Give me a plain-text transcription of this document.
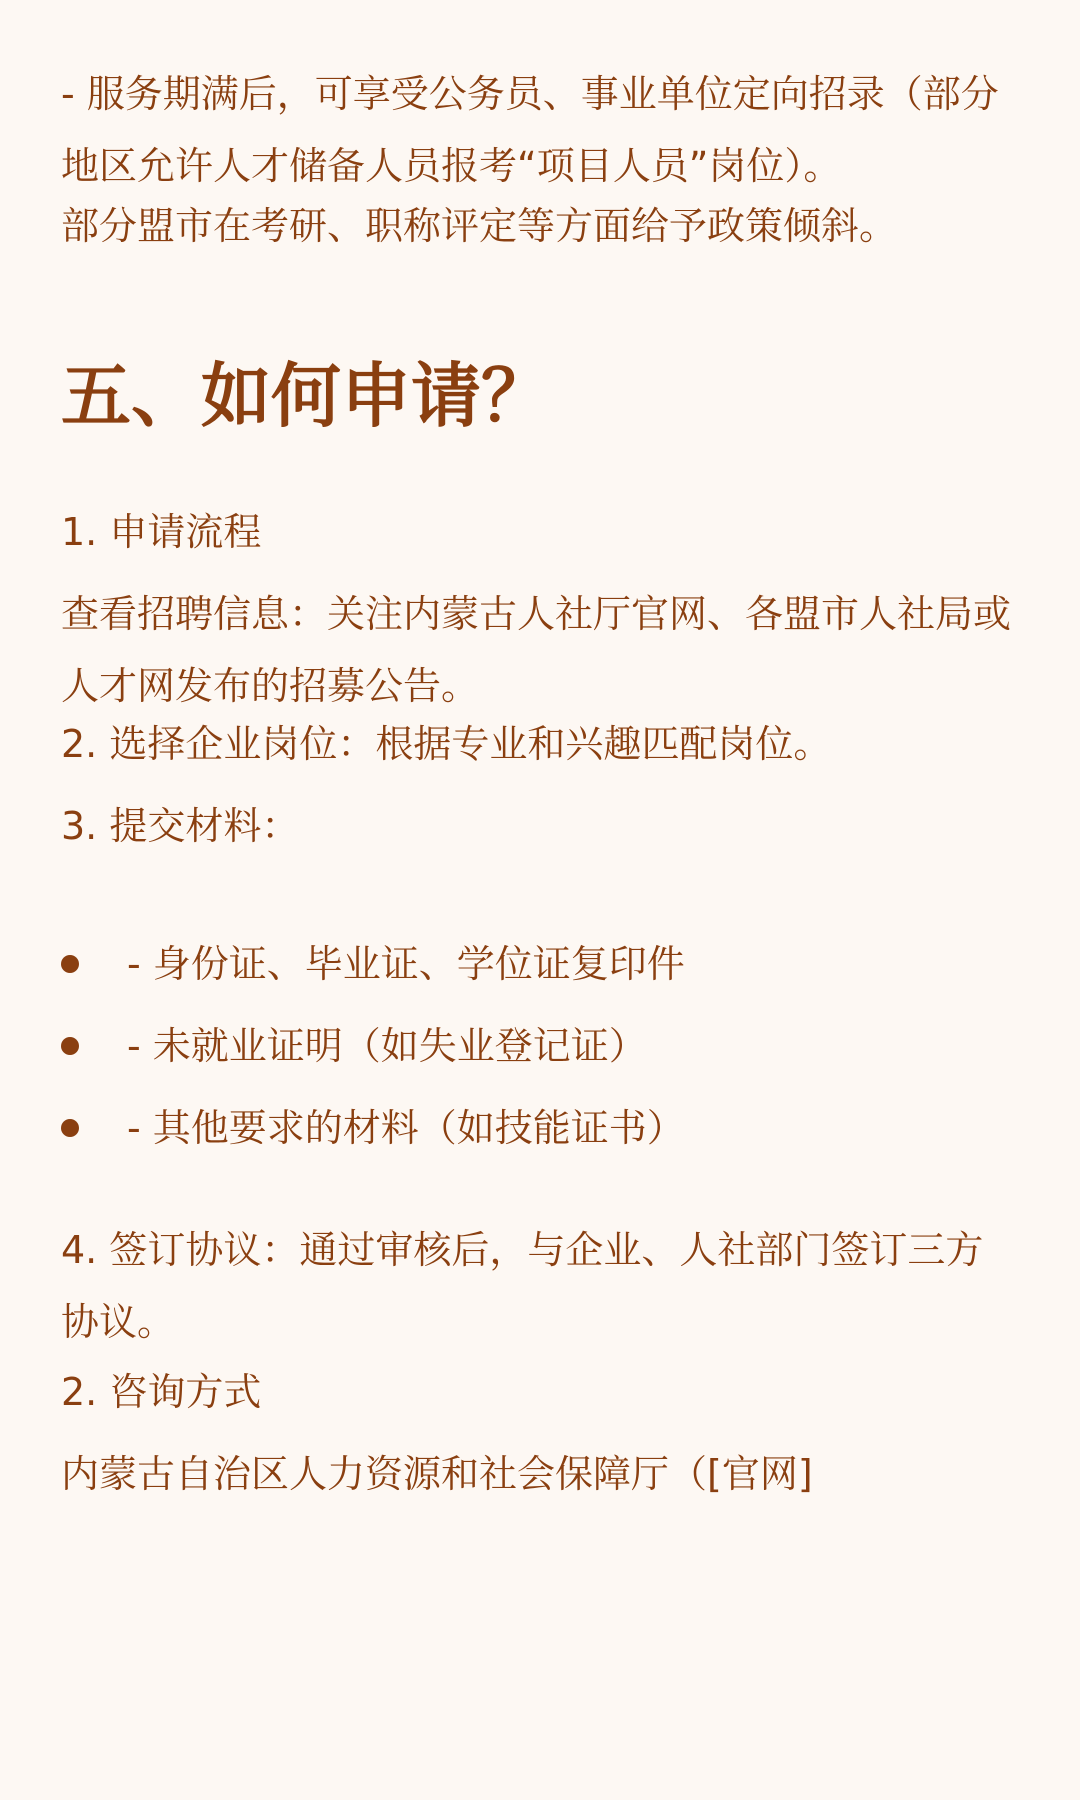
- 服务期满后，可享受公务员、事业单位定向招录（部分地区允许人才储备人员报考“项目人员”岗位）。

部分盟市在考研、职称评定等方面给予政策倾斜。

五、如何申请？

1. 申请流程

查看招聘信息：关注内蒙古人社厅官网、各盟市人社局或人才网发布的招募公告。

2. 选择企业岗位：根据专业和兴趣匹配岗位。

3. 提交材料：

- 身份证、毕业证、学位证复印件
- 未就业证明（如失业登记证）
- 其他要求的材料（如技能证书）

4. 签订协议：通过审核后，与企业、人社部门签订三方协议。

2. 咨询方式

内蒙古自治区人力资源和社会保障厅（[官网]
